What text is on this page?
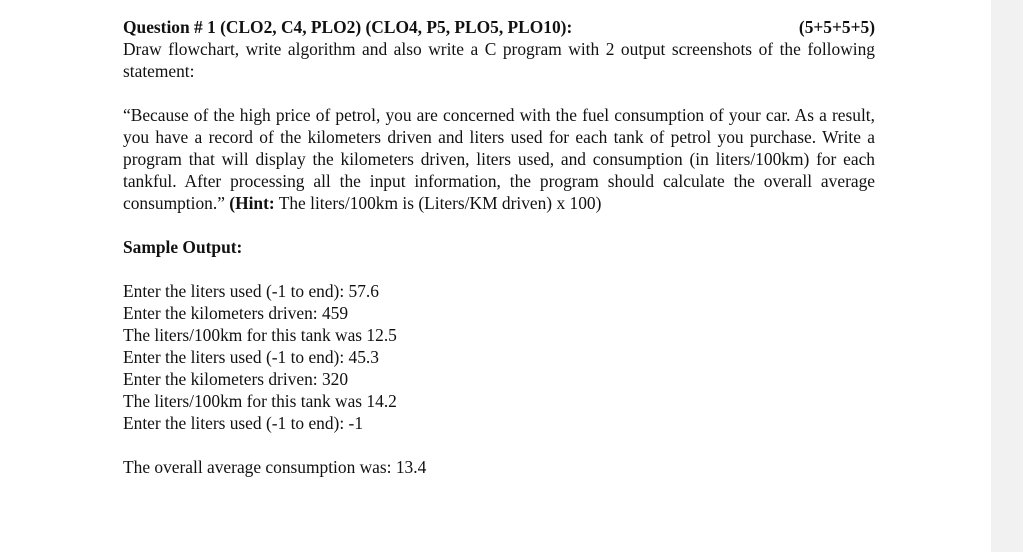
Question # 1 (CLO2, C4, PLO2) (CLO4, P5, PLO5, PLO10):	(5+5+5+5)

Draw flowchart, write algorithm and also write a C program with 2 output screenshots of the following statement:

“Because of the high price of petrol, you are concerned with the fuel consumption of your car. As a result, you have a record of the kilometers driven and liters used for each tank of petrol you purchase. Write a program that will display the kilometers driven, liters used, and consumption (in liters/100km) for each tankful. After processing all the input information, the program should calculate the overall average consumption.” (Hint: The liters/100km is (Liters/KM driven) x 100)

Sample Output:
Enter the liters used (-1 to end): 57.6
Enter the kilometers driven: 459
The liters/100km for this tank was 12.5
Enter the liters used (-1 to end): 45.3
Enter the kilometers driven: 320
The liters/100km for this tank was 14.2
Enter the liters used (-1 to end): -1
The overall average consumption was: 13.4
